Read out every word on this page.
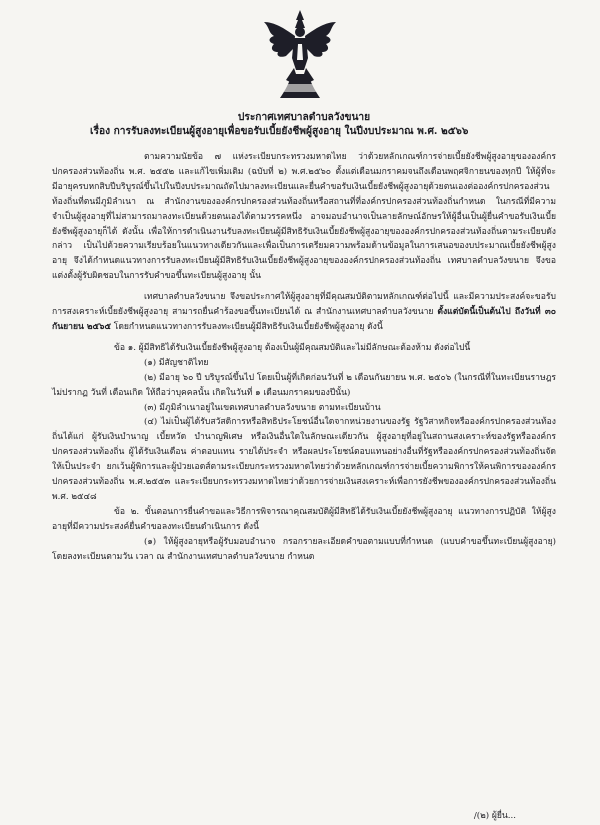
ประกาศเทศบาลตำบลวังขนาย

เรื่อง การรับลงทะเบียนผู้สูงอายุเพื่อขอรับเบี้ยยังชีพผู้สูงอายุ ในปีงบประมาณ พ.ศ. ๒๕๖๖

ตามความนัยข้อ ๗ แห่งระเบียบกระทรวงมหาดไทย ว่าด้วยหลักเกณฑ์การจ่ายเบี้ยยังชีพผู้สูงอายุขององค์กรปกครองส่วนท้องถิ่น พ.ศ. ๒๕๕๒ และแก้ไขเพิ่มเติม (ฉบับที่ ๒) พ.ศ.๒๕๖๐ ตั้งแต่เดือนมกราคมจนถึงเดือนพฤศจิกายนของทุกปี ให้ผู้ที่จะมีอายุครบหกสิบปีบริบูรณ์ขึ้นไปในปีงบประมาณถัดไปมาลงทะเบียนและยื่นคำขอรับเงินเบี้ยยังชีพผู้สูงอายุด้วยตนเองต่อองค์กรปกครองส่วนท้องถิ่นที่ตนมีภูมิลำเนา ณ สำนักงานขององค์กรปกครองส่วนท้องถิ่นหรือสถานที่ที่องค์กรปกครองส่วนท้องถิ่นกำหนด ในกรณีที่มีความจำเป็นผู้สูงอายุที่ไม่สามารถมาลงทะเบียนด้วยตนเองได้ตามวรรคหนึ่ง อาจมอบอำนาจเป็นลายลักษณ์อักษรให้ผู้อื่นเป็นผู้ยื่นคำขอรับเงินเบี้ยยังชีพผู้สูงอายุก็ได้ ดังนั้น เพื่อให้การดำเนินงานรับลงทะเบียนผู้มีสิทธิรับเงินเบี้ยยังชีพผู้สูงอายุขององค์กรปกครองส่วนท้องถิ่นตามระเบียบดังกล่าว เป็นไปด้วยความเรียบร้อยในแนวทางเดียวกันและเพื่อเป็นการเตรียมความพร้อมด้านข้อมูลในการเสนอของบประมาณเบี้ยยังชีพผู้สูงอายุ จึงได้กำหนดแนวทางการรับลงทะเบียนผู้มีสิทธิรับเงินเบี้ยยังชีพผู้สูงอายุขององค์กรปกครองส่วนท้องถิ่น เทศบาลตำบลวังขนาย จึงขอแต่งตั้งผู้รับผิดชอบในการรับคำขอขึ้นทะเบียนผู้สูงอายุ นั้น

เทศบาลตำบลวังขนาย จึงขอประกาศให้ผู้สูงอายุที่มีคุณสมบัติตามหลักเกณฑ์ต่อไปนี้ และมีความประสงค์จะขอรับการสงเคราะห์เบี้ยยังชีพผู้สูงอายุ สามารถยื่นคำร้องขอขึ้นทะเบียนได้ ณ สำนักงานเทศบาลตำบลวังขนาย ตั้งแต่บัดนี้เป็นต้นไป ถึงวันที่ ๓๐ กันยายน ๒๕๖๕ โดยกำหนดแนวทางการรับลงทะเบียนผู้มีสิทธิรับเงินเบี้ยยังชีพผู้สูงอายุ ดังนี้

ข้อ ๑. ผู้มีสิทธิได้รับเงินเบี้ยยังชีพผู้สูงอายุ ต้องเป็นผู้มีคุณสมบัติและไม่มีลักษณะต้องห้าม ดังต่อไปนี้

(๑) มีสัญชาติไทย

(๒) มีอายุ ๖๐ ปี บริบูรณ์ขึ้นไป โดยเป็นผู้ที่เกิดก่อนวันที่ ๒ เดือนกันยายน พ.ศ. ๒๕๐๖ (ในกรณีที่ในทะเบียนราษฎรไม่ปรากฏ วันที่ เดือนเกิด ให้ถือว่าบุคคลนั้น เกิดในวันที่ ๑ เดือนมกราคมของปีนั้น)

(๓) มีภูมิลำเนาอยู่ในเขตเทศบาลตำบลวังขนาย ตามทะเบียนบ้าน

(๔) ไม่เป็นผู้ได้รับสวัสดิการหรือสิทธิประโยชน์อื่นใดจากหน่วยงานของรัฐ รัฐวิสาหกิจหรือองค์กรปกครองส่วนท้องถิ่นได้แก่ ผู้รับเงินบำนาญ เบี้ยหวัด บำนาญพิเศษ หรือเงินอื่นใดในลักษณะเดียวกัน ผู้สูงอายุที่อยู่ในสถานสงเคราะห์ของรัฐหรือองค์กรปกครองส่วนท้องถิ่น ผู้ได้รับเงินเดือน ค่าตอบแทน รายได้ประจำ หรือผลประโยชน์ตอบแทนอย่างอื่นที่รัฐหรือองค์กรปกครองส่วนท้องถิ่นจัดให้เป็นประจำ ยกเว้นผู้พิการและผู้ป่วยเอดส์ตามระเบียบกระทรวงมหาดไทยว่าด้วยหลักเกณฑ์การจ่ายเบี้ยความพิการให้คนพิการขององค์กรปกครองส่วนท้องถิ่น พ.ศ.๒๕๕๓ และระเบียบกระทรวงมหาดไทยว่าด้วยการจ่ายเงินสงเคราะห์เพื่อการยังชีพขององค์กรปกครองส่วนท้องถิ่น พ.ศ. ๒๕๔๘

ข้อ ๒. ขั้นตอนการยื่นคำขอและวิธีการพิจารณาคุณสมบัติผู้มีสิทธิได้รับเงินเบี้ยยังชีพผู้สูงอายุ แนวทางการปฏิบัติ ให้ผู้สูงอายุที่มีความประสงค์ยื่นคำขอลงทะเบียนดำเนินการ ดังนี้

(๑) ให้ผู้สูงอายุหรือผู้รับมอบอำนาจ กรอกรายละเอียดคำขอตามแบบที่กำหนด (แบบคำขอขึ้นทะเบียนผู้สูงอายุ) โดยลงทะเบียนตามวัน เวลา ณ สำนักงานเทศบาลตำบลวังขนาย กำหนด

/(๒) ผู้ยื่น...
